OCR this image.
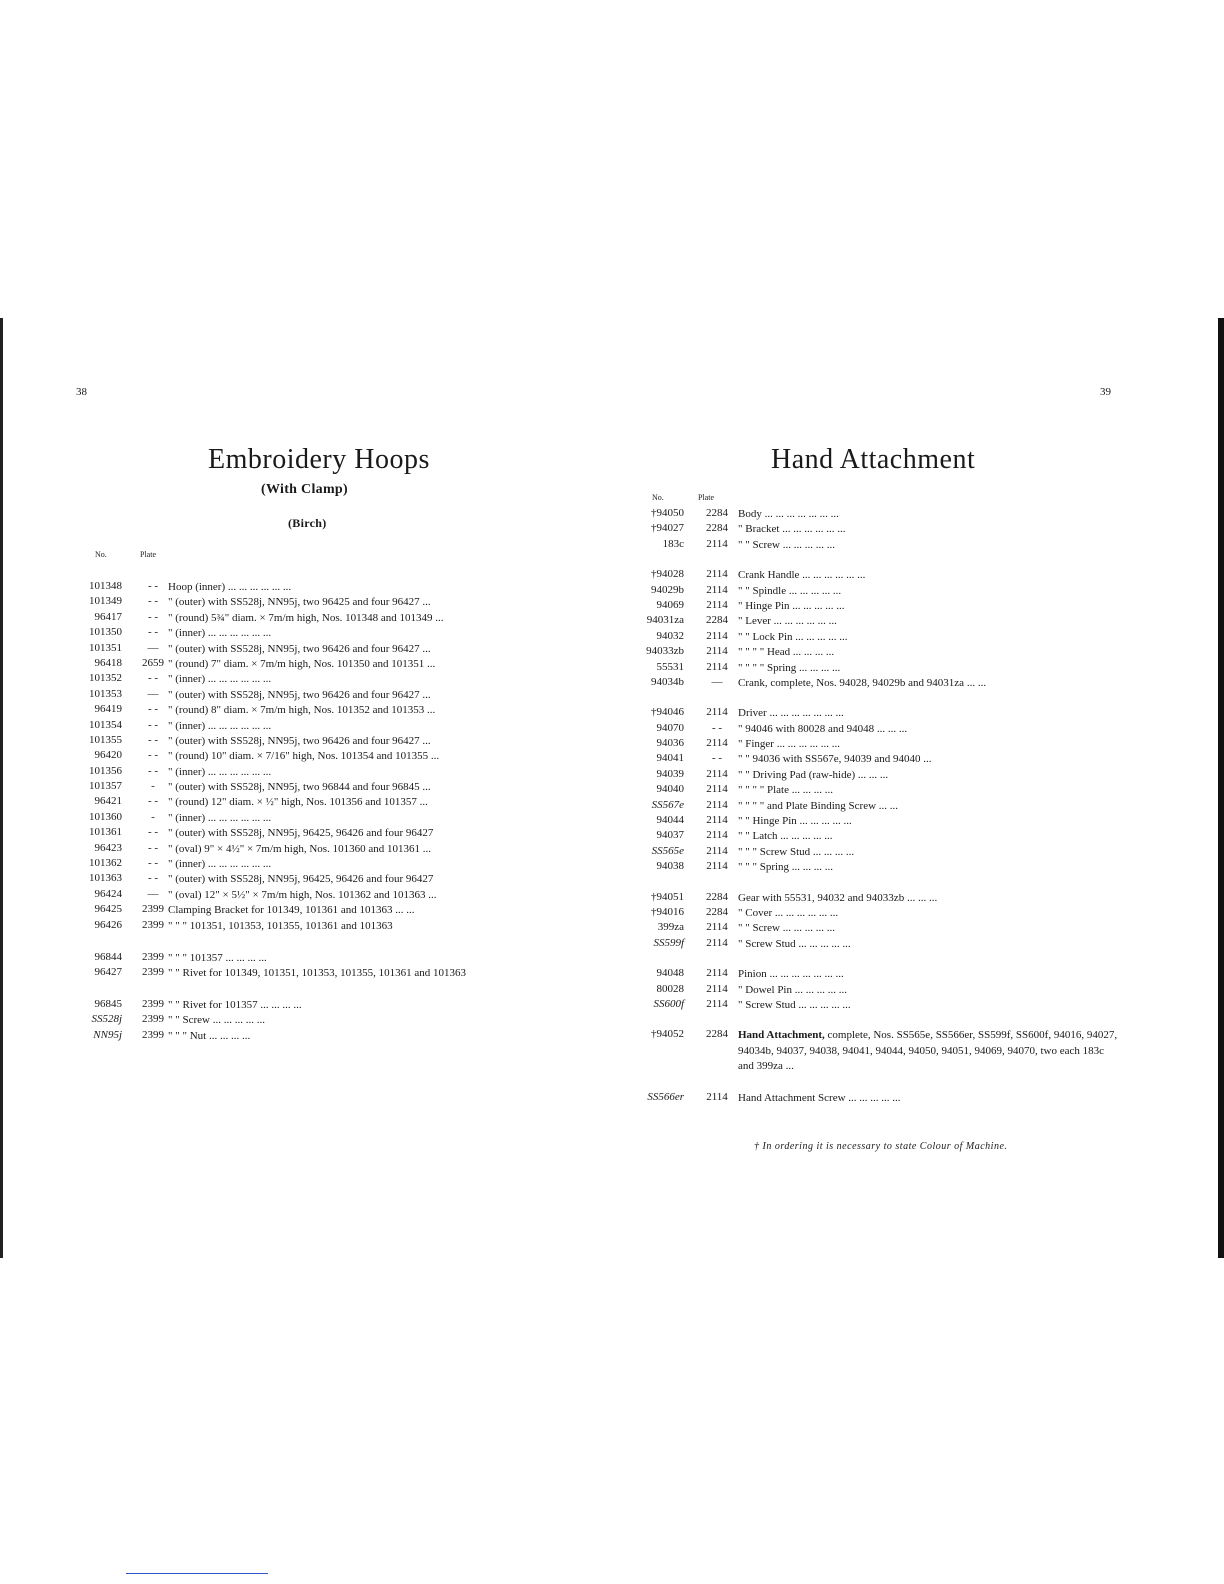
38
Embroidery Hoops
(With Clamp)
(Birch)
No.	Plate
101348	- - Hoop (inner) ... ... ... ... ... ...
101349	- - " (outer) with SS528j, NN95j, two 96425 and four 96427 ...
96417	- - " (round) 5¾" diam. × 7m/m high, Nos. 101348 and 101349 ...
101350	- - " (inner) ... ... ... ... ... ...
101351	— " (outer) with SS528j, NN95j, two 96426 and four 96427 ...
96418	2659 " (round) 7" diam. × 7m/m high, Nos. 101350 and 101351 ...
101352	- - " (inner) ... ... ... ... ... ...
101353	— " (outer) with SS528j, NN95j, two 96426 and four 96427 ...
96419	- - " (round) 8" diam. × 7m/m high, Nos. 101352 and 101353 ...
101354	- - " (inner) ... ... ... ... ... ...
101355	- - " (outer) with SS528j, NN95j, two 96426 and four 96427 ...
96420	- - " (round) 10" diam. × 7/16" high, Nos. 101354 and 101355 ...
101356	- - " (inner) ... ... ... ... ... ...
101357	-	" (outer) with SS528j, NN95j, two 96844 and four 96845 ...
96421	- - " (round) 12" diam. × ½" high, Nos. 101356 and 101357 ...
101360	-	" (inner) ... ... ... ... ... ...
101361	- - " (outer) with SS528j, NN95j, 96425, 96426 and four 96427
96423	- - " (oval) 9" × 4½" × 7m/m high, Nos. 101360 and 101361 ...
101362	- - " (inner) ... ... ... ... ... ...
101363	- - " (outer) with SS528j, NN95j, 96425, 96426 and four 96427
96424	— " (oval) 12" × 5½" × 7m/m high, Nos. 101362 and 101363 ...
96425	2399 Clamping Bracket for 101349, 101361 and 101363 ... ...
96426	2399 " " " 101351, 101353, 101355, 101361 and 101363
96844	2399 " " " 101357 ... ... ... ...
96427	2399 " " Rivet for 101349, 101351, 101353, 101355, 101361 and 101363
96845	2399 " " Rivet for 101357 ... ... ... ...
SS528j	2399 " " Screw ... ... ... ... ...
NN95j	2399 " " " Nut ... ... ... ...
39
Hand Attachment
No.	Plate
†94050	2284 Body ... ... ... ... ... ... ...
†94027	2284 " Bracket ... ... ... ... ... ...
183c	2114 " " Screw ... ... ... ... ...
†94028	2114 Crank Handle ... ... ... ... ... ...
94029b	2114 " " Spindle ... ... ... ... ...
94069	2114 " Hinge Pin ... ... ... ... ...
94031za	2284 " Lever ... ... ... ... ... ...
94032	2114 " " Lock Pin ... ... ... ... ...
94033zb	2114 " " " " Head ... ... ... ...
55531	2114 " " " " Spring ... ... ... ...
94034b	—	Crank, complete, Nos. 94028, 94029b and 94031za ... ...
†94046	2114 Driver ... ... ... ... ... ... ...
94070	- -	" 94046 with 80028 and 94048 ... ... ...
94036	2114 " Finger ... ... ... ... ... ...
94041	- -	" " 94036 with SS567e, 94039 and 94040 ...
94039	2114 " " Driving Pad (raw-hide) ... ... ...
94040	2114 " " " " Plate ... ... ... ...
SS567e	2114 " " " " and Plate Binding Screw ... ...
94044	2114 " " Hinge Pin ... ... ... ... ...
94037	2114 " " Latch ... ... ... ... ...
SS565e	2114 " " " Screw Stud ... ... ... ...
94038	2114 " " " Spring ... ... ... ...
†94051	2284 Gear with 55531, 94032 and 94033zb ... ... ...
†94016	2284 " Cover ... ... ... ... ... ...
399za	2114 " " Screw ... ... ... ... ...
SS599f	2114 " Screw Stud ... ... ... ... ...
94048	2114 Pinion ... ... ... ... ... ... ...
80028	2114 " Dowel Pin ... ... ... ... ...
SS600f	2114 " Screw Stud ... ... ... ... ...
†94052	2284 Hand Attachment, complete, Nos. SS565e, SS566er, SS599f, SS600f, 94016, 94027, 94034b, 94037, 94038, 94041, 94044, 94050, 94051, 94069, 94070, two each 183c and 399za ...
SS566er	2114 Hand Attachment Screw ... ... ... ... ...
† In ordering it is necessary to state Colour of Machine.
